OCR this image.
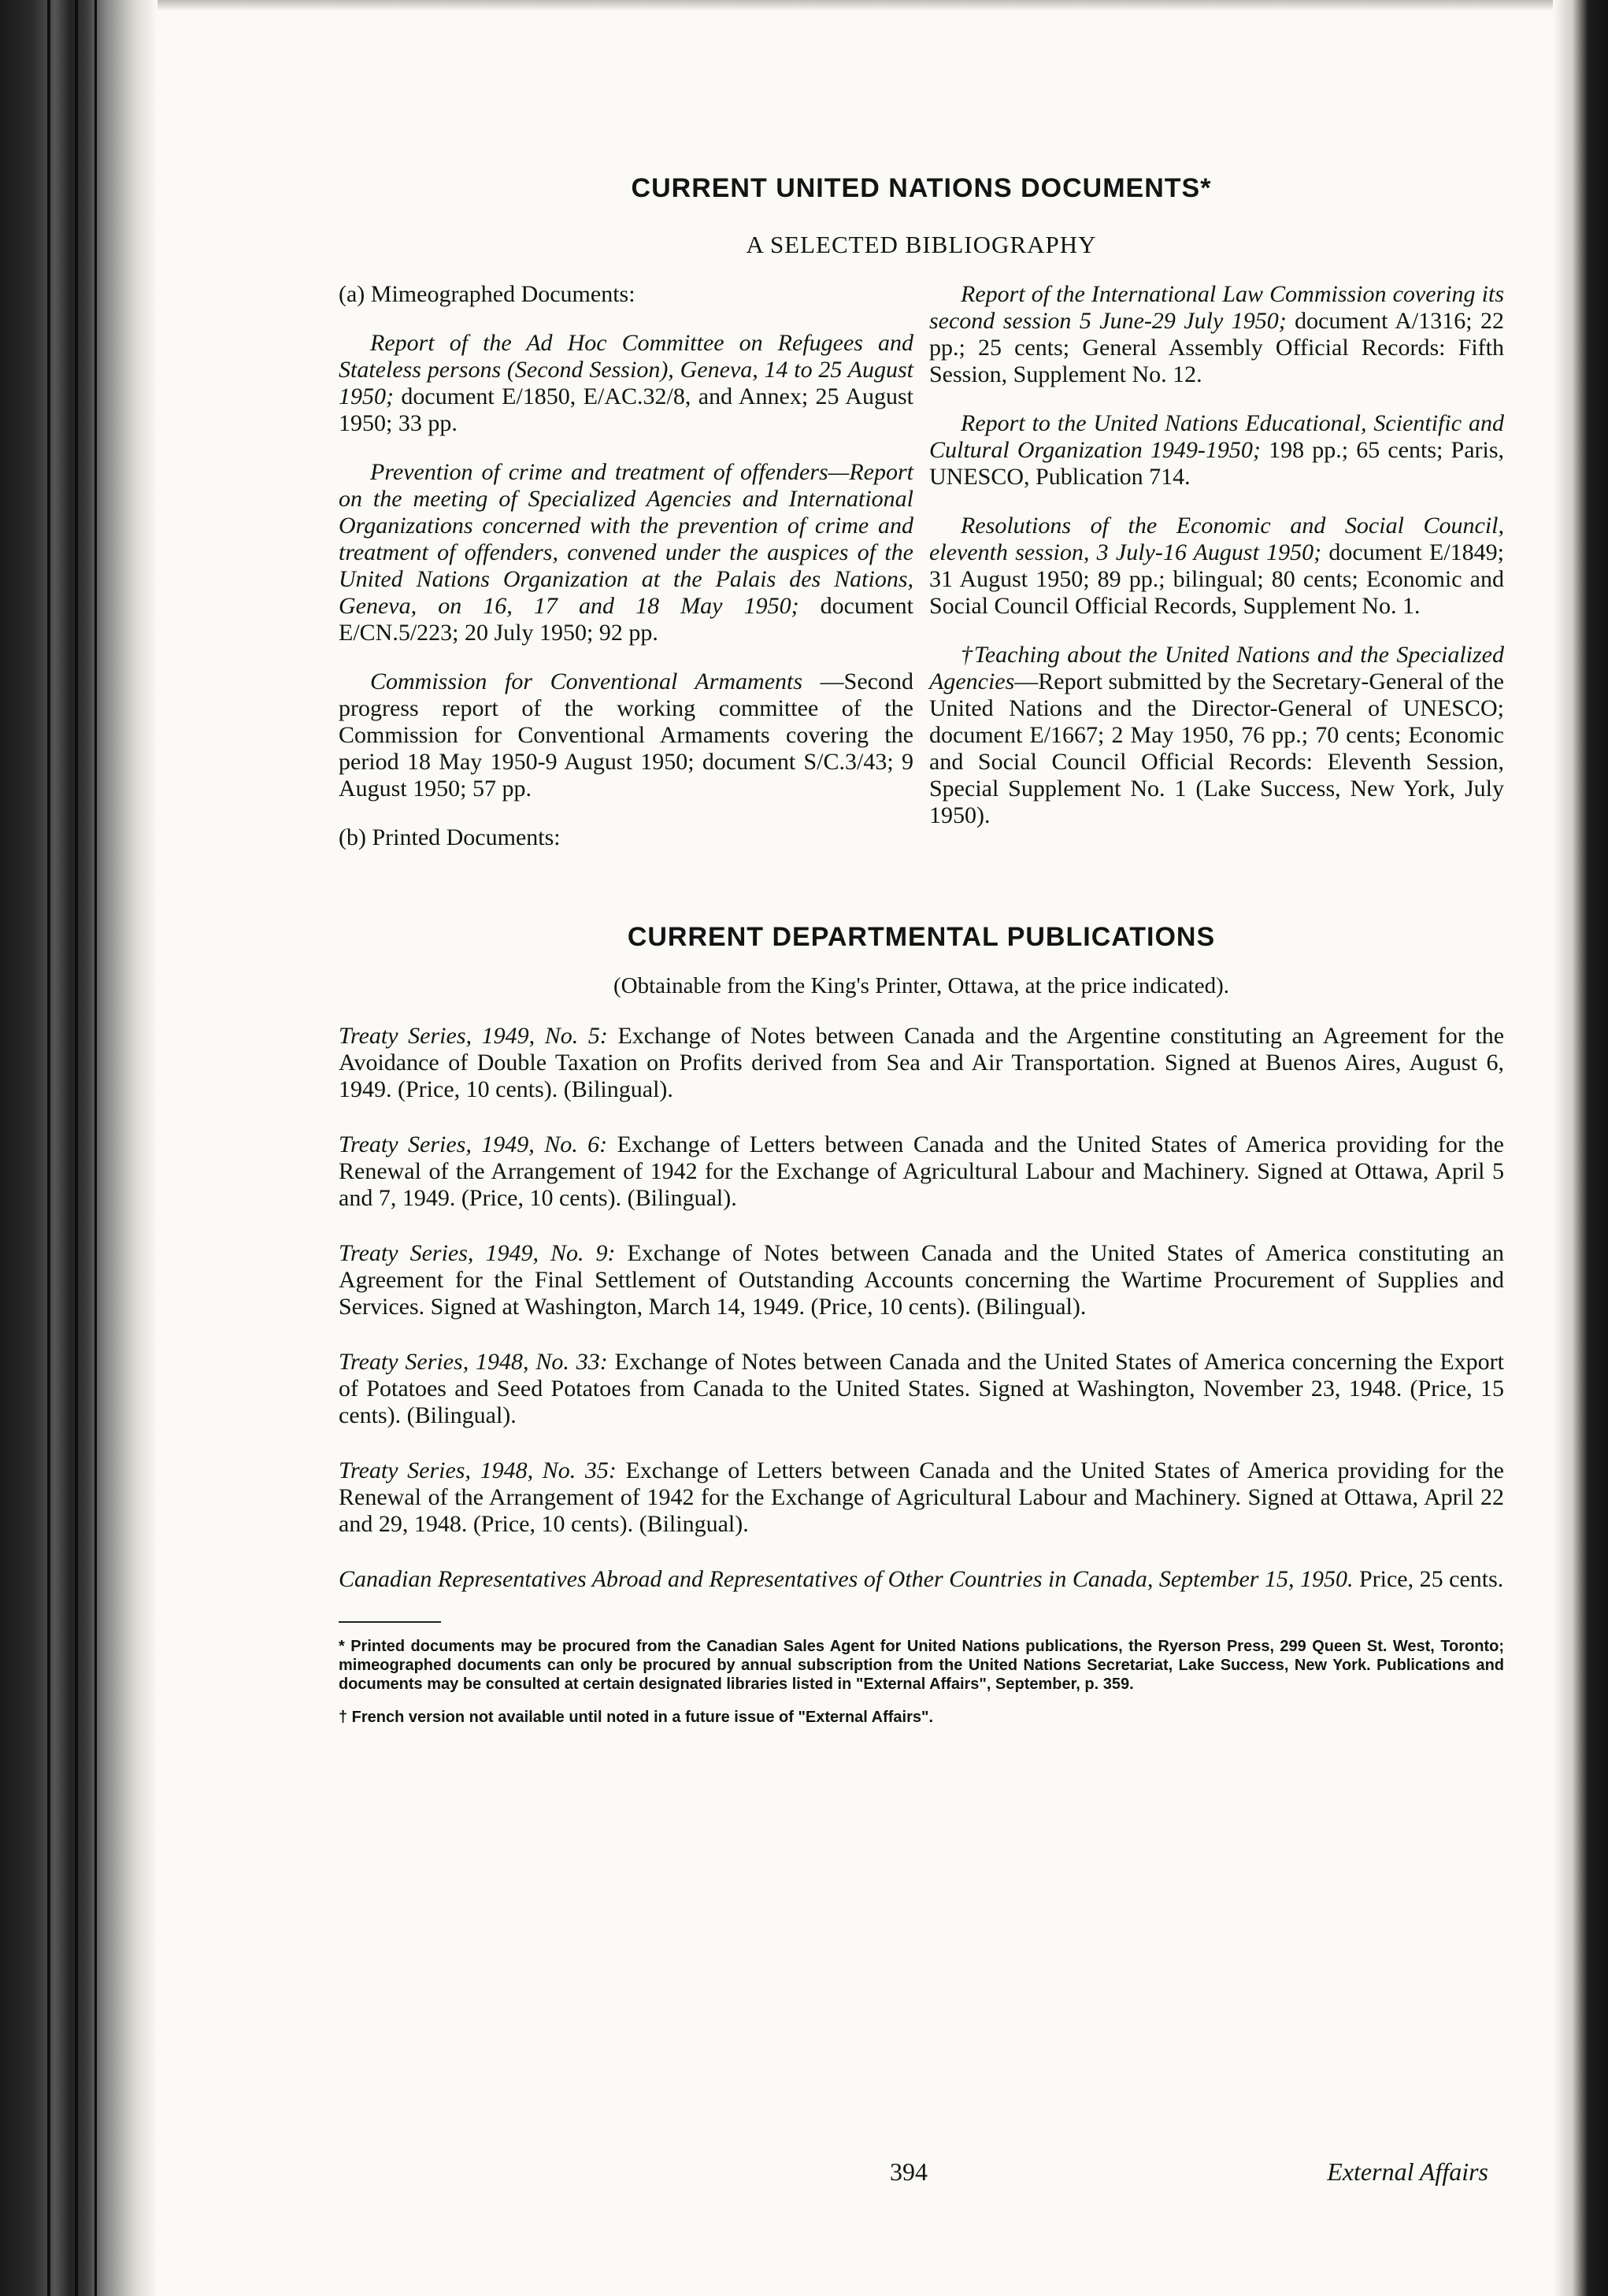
CURRENT UNITED NATIONS DOCUMENTS*
A SELECTED BIBLIOGRAPHY

(a) Mimeographed Documents:

Report of the Ad Hoc Committee on Refugees and Stateless persons (Second Session), Geneva, 14 to 25 August 1950; document E/1850, E/AC.32/8, and Annex; 25 August 1950; 33 pp.

Prevention of crime and treatment of offenders—Report on the meeting of Specialized Agencies and International Organizations concerned with the prevention of crime and treatment of offenders, convened under the auspices of the United Nations Organization at the Palais des Nations, Geneva, on 16, 17 and 18 May 1950; document E/CN.5/223; 20 July 1950; 92 pp.

Commission for Conventional Armaments —Second progress report of the working committee of the Commission for Conventional Armaments covering the period 18 May 1950-9 August 1950; document S/C.3/43; 9 August 1950; 57 pp.

(b) Printed Documents:

Report of the International Law Commission covering its second session 5 June-29 July 1950; document A/1316; 22 pp.; 25 cents; General Assembly Official Records: Fifth Session, Supplement No. 12.

Report to the United Nations Educational, Scientific and Cultural Organization 1949-1950; 198 pp.; 65 cents; Paris, UNESCO, Publication 714.

Resolutions of the Economic and Social Council, eleventh session, 3 July-16 August 1950; document E/1849; 31 August 1950; 89 pp.; bilingual; 80 cents; Economic and Social Council Official Records, Supplement No. 1.

†Teaching about the United Nations and the Specialized Agencies—Report submitted by the Secretary-General of the United Nations and the Director-General of UNESCO; document E/1667; 2 May 1950, 76 pp.; 70 cents; Economic and Social Council Official Records: Eleventh Session, Special Supplement No. 1 (Lake Success, New York, July 1950).

CURRENT DEPARTMENTAL PUBLICATIONS

(Obtainable from the King's Printer, Ottawa, at the price indicated).

Treaty Series, 1949, No. 5: Exchange of Notes between Canada and the Argentine constituting an Agreement for the Avoidance of Double Taxation on Profits derived from Sea and Air Transportation. Signed at Buenos Aires, August 6, 1949. (Price, 10 cents). (Bilingual).

Treaty Series, 1949, No. 6: Exchange of Letters between Canada and the United States of America providing for the Renewal of the Arrangement of 1942 for the Exchange of Agricultural Labour and Machinery. Signed at Ottawa, April 5 and 7, 1949. (Price, 10 cents). (Bilingual).

Treaty Series, 1949, No. 9: Exchange of Notes between Canada and the United States of America constituting an Agreement for the Final Settlement of Outstanding Accounts concerning the Wartime Procurement of Supplies and Services. Signed at Washington, March 14, 1949. (Price, 10 cents). (Bilingual).

Treaty Series, 1948, No. 33: Exchange of Notes between Canada and the United States of America concerning the Export of Potatoes and Seed Potatoes from Canada to the United States. Signed at Washington, November 23, 1948. (Price, 15 cents). (Bilingual).

Treaty Series, 1948, No. 35: Exchange of Letters between Canada and the United States of America providing for the Renewal of the Arrangement of 1942 for the Exchange of Agricultural Labour and Machinery. Signed at Ottawa, April 22 and 29, 1948. (Price, 10 cents). (Bilingual).

Canadian Representatives Abroad and Representatives of Other Countries in Canada, September 15, 1950. Price, 25 cents.

* Printed documents may be procured from the Canadian Sales Agent for United Nations publications, the Ryerson Press, 299 Queen St. West, Toronto; mimeographed documents can only be procured by annual subscription from the United Nations Secretariat, Lake Success, New York. Publications and documents may be consulted at certain designated libraries listed in "External Affairs", September, p. 359.

† French version not available until noted in a future issue of "External Affairs".

394	External Affairs
